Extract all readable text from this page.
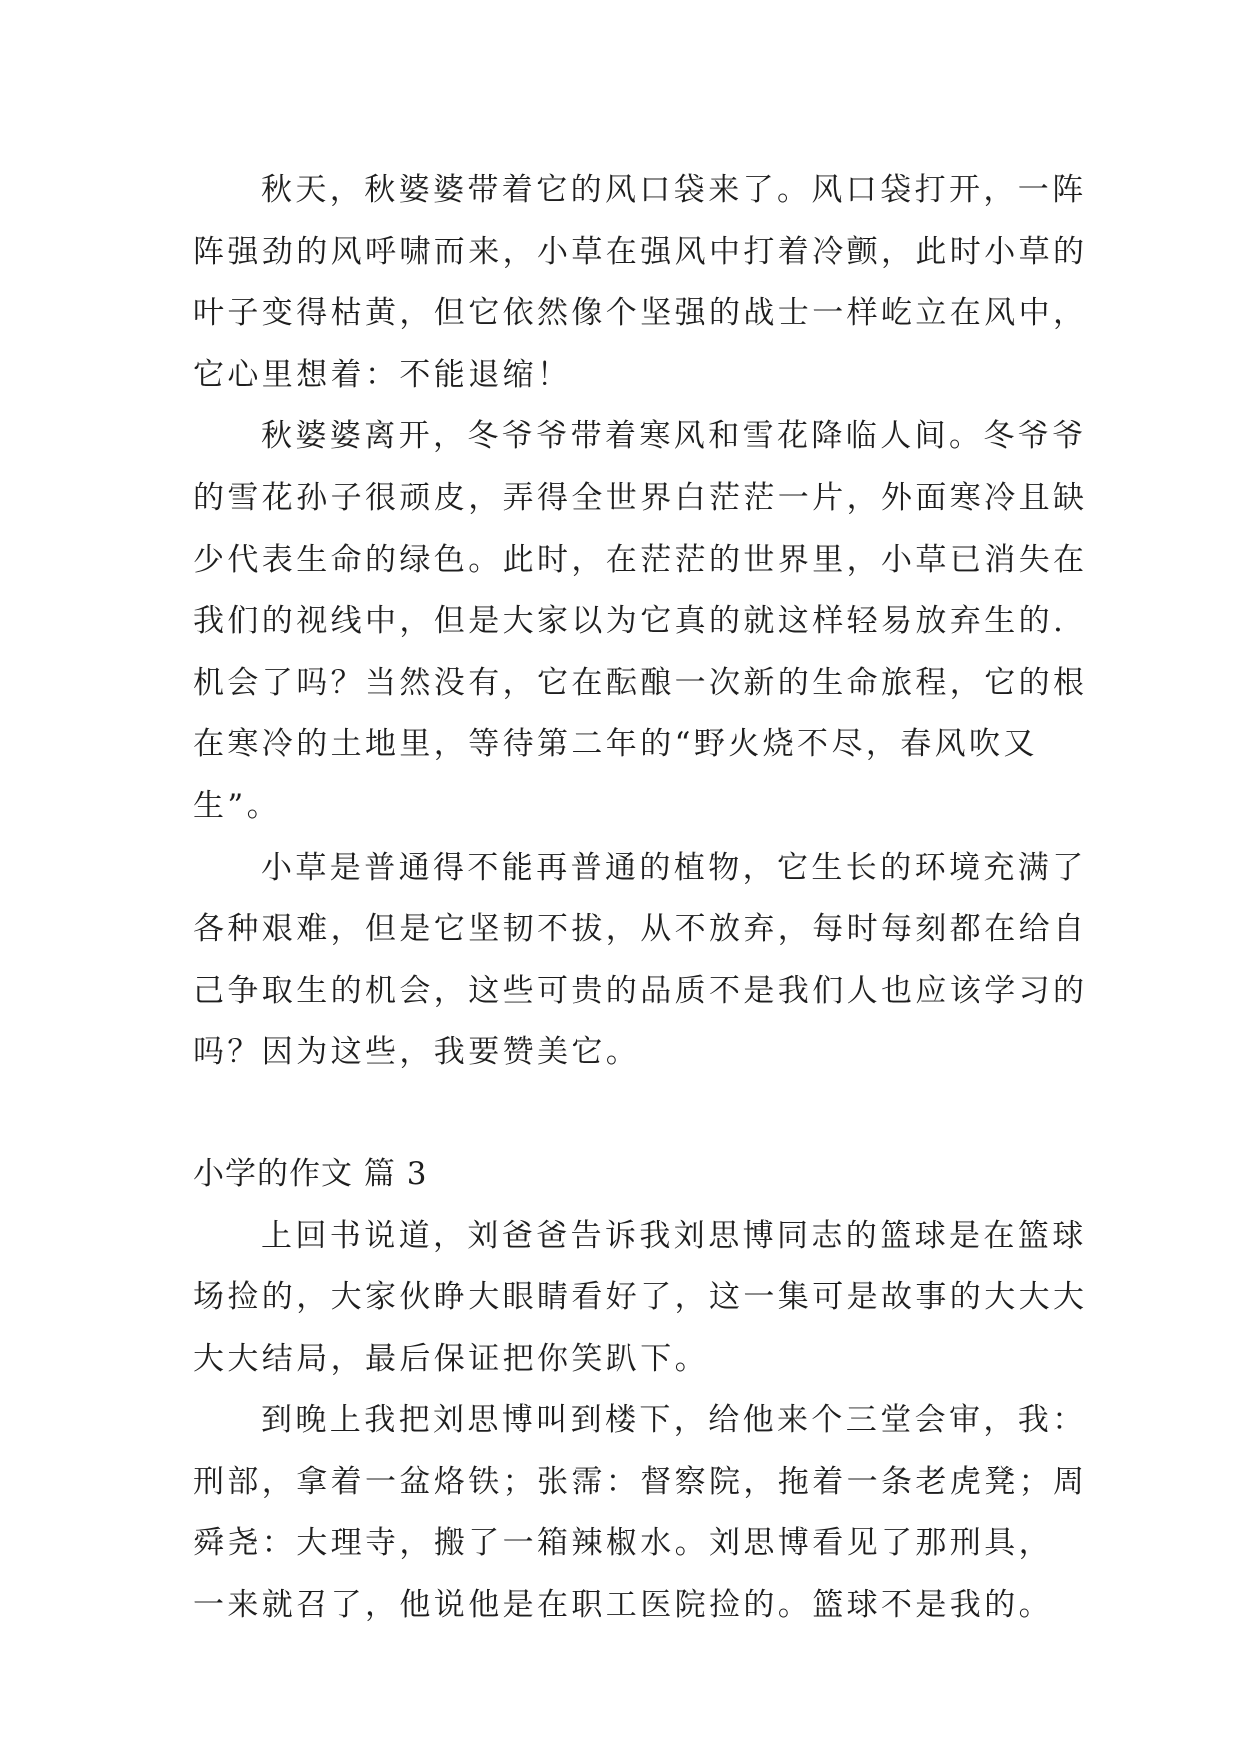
秋天，秋婆婆带着它的风口袋来了。风口袋打开，一阵
阵强劲的风呼啸而来，小草在强风中打着冷颤，此时小草的
叶子变得枯黄，但它依然像个坚强的战士一样屹立在风中，
它心里想着：不能退缩！
秋婆婆离开，冬爷爷带着寒风和雪花降临人间。冬爷爷
的雪花孙子很顽皮，弄得全世界白茫茫一片，外面寒冷且缺
少代表生命的绿色。此时，在茫茫的世界里，小草已消失在
我们的视线中，但是大家以为它真的就这样轻易放弃生的.
机会了吗？当然没有，它在酝酿一次新的生命旅程，它的根
在寒冷的土地里，等待第二年的“野火烧不尽，春风吹又
生”。
小草是普通得不能再普通的植物，它生长的环境充满了
各种艰难，但是它坚韧不拔，从不放弃，每时每刻都在给自
己争取生的机会，这些可贵的品质不是我们人也应该学习的
吗？因为这些，我要赞美它。
小学的作文 篇 3
上回书说道，刘爸爸告诉我刘思博同志的篮球是在篮球
场捡的，大家伙睁大眼睛看好了，这一集可是故事的大大大
大大结局，最后保证把你笑趴下。
到晚上我把刘思博叫到楼下，给他来个三堂会审，我：
刑部，拿着一盆烙铁；张霈：督察院，拖着一条老虎凳；周
舜尧：大理寺，搬了一箱辣椒水。刘思博看见了那刑具，
一来就召了，他说他是在职工医院捡的。篮球不是我的。
